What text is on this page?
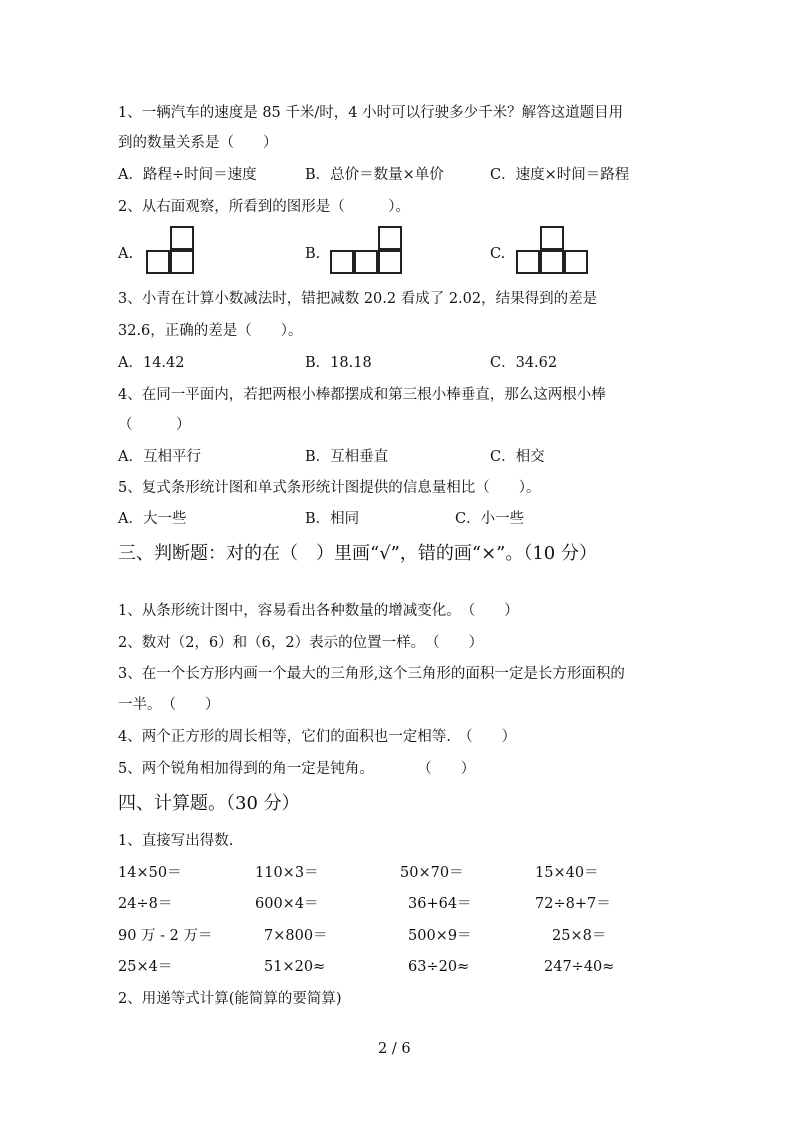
1、一辆汽车的速度是 85 千米/时，4 小时可以行驶多少千米？解答这道题目用
到的数量关系是（　　）
A．路程÷时间＝速度	B．总价＝数量×单价	C．速度×时间＝路程
2、从右面观察，所看到的图形是（　　　）。
A.	B.	C.
3、小青在计算小数减法时，错把减数 20.2 看成了 2.02，结果得到的差是
32.6，正确的差是（　　）。
A．14.42	B．18.18	C．34.62
4、在同一平面内，若把两根小棒都摆成和第三根小棒垂直，那么这两根小棒
（　　　）
A．互相平行	B．互相垂直	C．相交
5、复式条形统计图和单式条形统计图提供的信息量相比（　　）。
A．大一些	B．相同	C．小一些
三、判断题：对的在（　）里画“√”，错的画“×”。（10 分）
1、从条形统计图中，容易看出各种数量的增减变化。　（　　）
2、数对（2，6）和（6，2）表示的位置一样。　（　　）
3、在一个长方形内画一个最大的三角形,这个三角形的面积一定是长方形面积的
一半。　（　　）
4、两个正方形的周长相等，它们的面积也一定相等.　（　　）
5、两个锐角相加得到的角一定是钝角。　　　　（　　）
四、计算题。（30 分）
1、直接写出得数.
14×50＝	110×3＝	50×70＝	15×40＝
24÷8＝	600×4＝	36+64＝	72÷8+7＝
90 万 - 2 万＝	7×800＝	500×9＝	25×8＝
25×4＝	51×20≈	63÷20≈	247÷40≈
2、用递等式计算(能简算的要简算)
2 / 6
